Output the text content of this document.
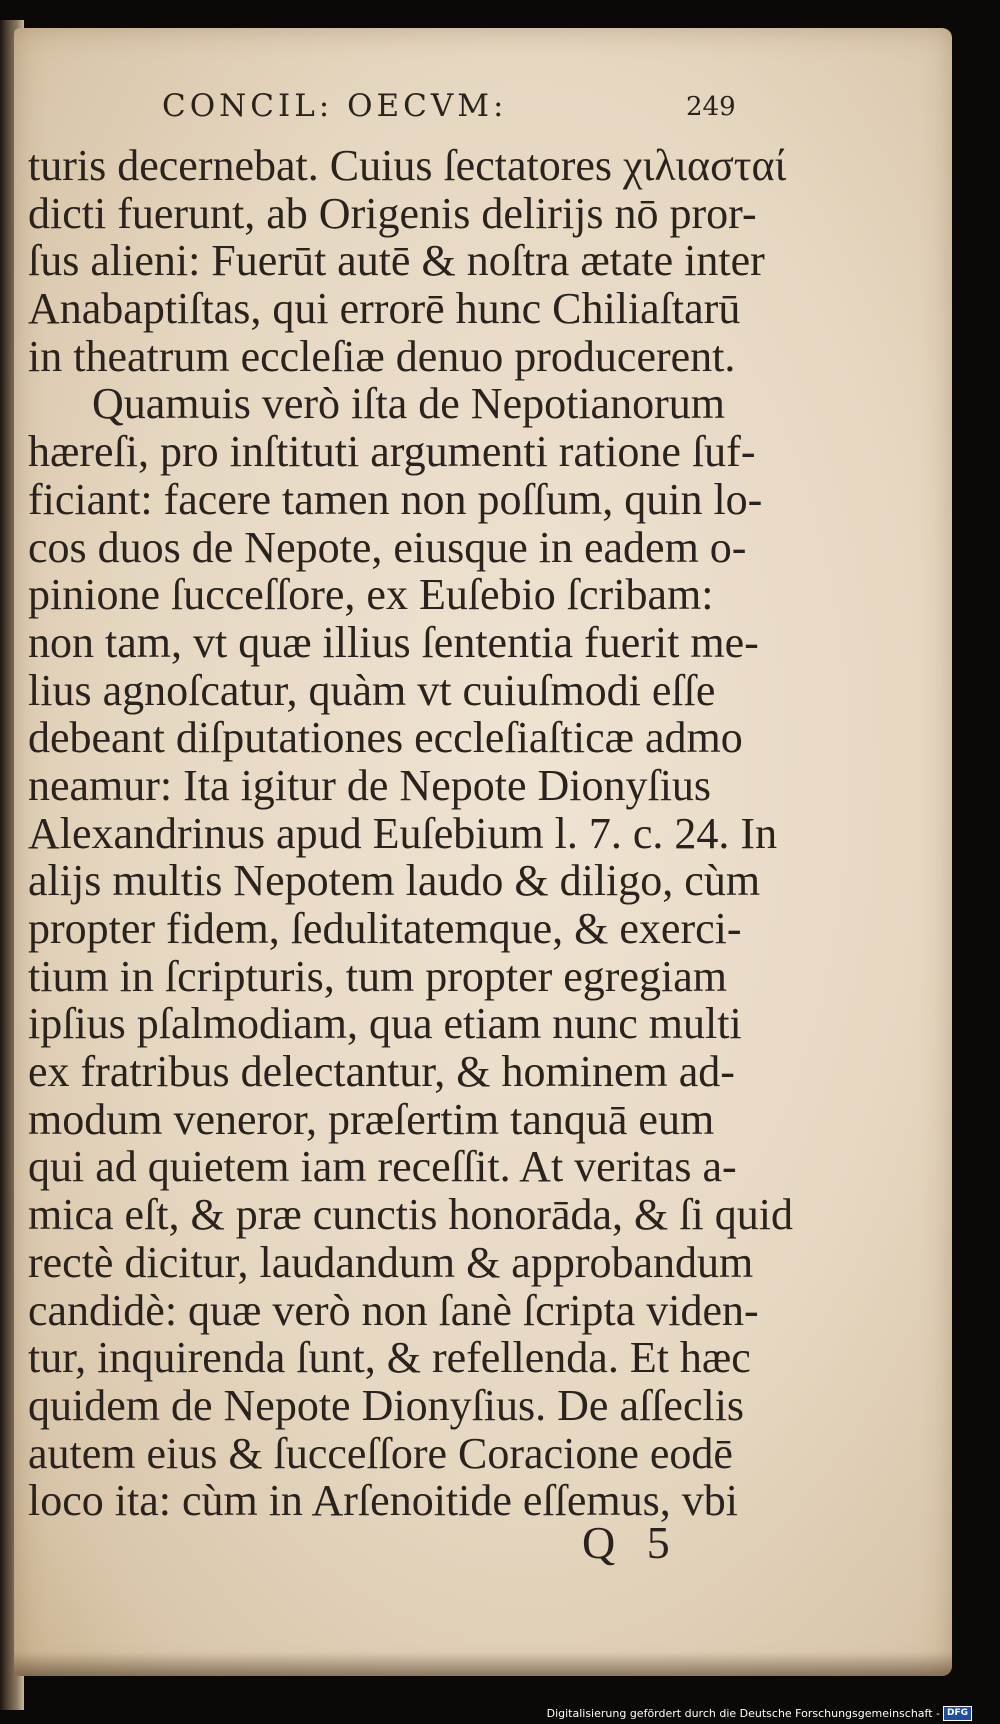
CONCIL: OECVM:	249
turis decernebat. Cuius ſectatores χιλιασταί
dicti fuerunt, ab Origenis delirijs nō pror-
ſus alieni: Fuerūt autē & noſtra ætate inter
Anabaptiſtas, qui errorē hunc Chiliaſtarū
in theatrum eccleſiæ denuo producerent.
Quamuis verò iſta de Nepotianorum
hæreſi, pro inſtituti argumenti ratione ſuf-
ficiant: facere tamen non poſſum, quin lo-
cos duos de Nepote, eiusque in eadem o-
pinione ſucceſſore, ex Euſebio ſcribam:
non tam, vt quæ illius ſententia fuerit me-
lius agnoſcatur, quàm vt cuiuſmodi eſſe
debeant diſputationes eccleſiaſticæ admo
neamur: Ita igitur de Nepote Dionyſius
Alexandrinus apud Euſebium l. 7. c. 24. In
alijs multis Nepotem laudo & diligo, cùm
propter fidem, ſedulitatemque, & exerci-
tium in ſcripturis, tum propter egregiam
ipſius pſalmodiam, qua etiam nunc multi
ex fratribus delectantur, & hominem ad-
modum veneror, præſertim tanquā eum
qui ad quietem iam receſſit. At veritas a-
mica eſt, & præ cunctis honorāda, & ſi quid
rectè dicitur, laudandum & approbandum
candidè: quæ verò non ſanè ſcripta viden-
tur, inquirenda ſunt, & refellenda. Et hæc
quidem de Nepote Dionyſius. De aſſeclis
autem eius & ſucceſſore Coracione eodē
loco ita: cùm in Arſenoitide eſſemus, vbi
Q 5
Digitalisierung gefördert durch die Deutsche Forschungsgemeinschaft - DFG
